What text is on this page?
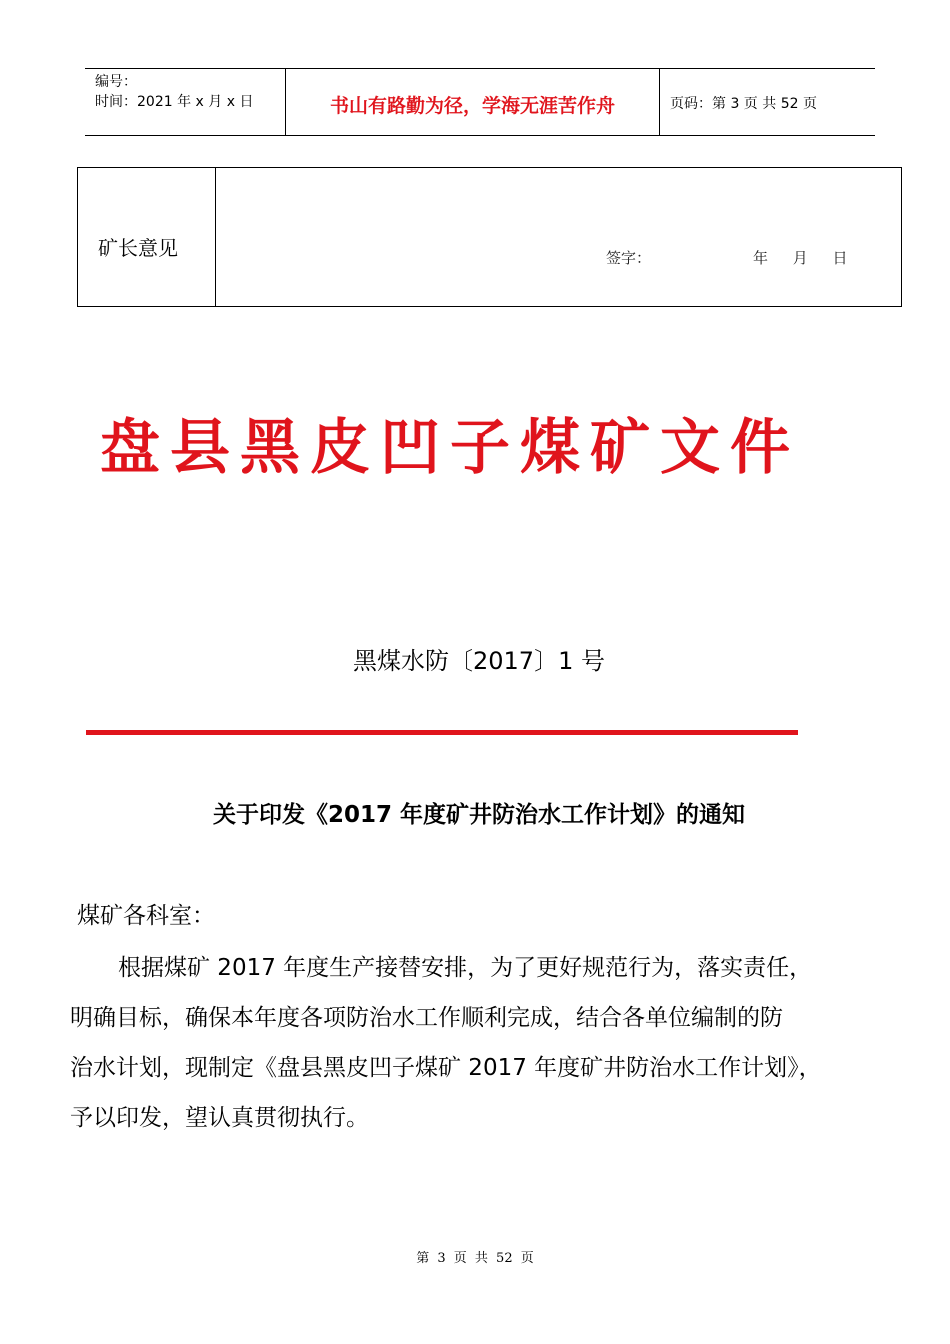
编号：
时间：2021 年 x 月 x 日	书山有路勤为径，学海无涯苦作舟	页码：第 3 页 共 52 页
矿长意见	签字：	年 月 日
盘县黑皮凹子煤矿文件
黑煤水防〔2017〕1 号
关于印发《2017 年度矿井防治水工作计划》的通知
煤矿各科室：
根据煤矿 2017 年度生产接替安排，为了更好规范行为，落实责任，
明确目标，确保本年度各项防治水工作顺利完成，结合各单位编制的防
治水计划，现制定《盘县黑皮凹子煤矿 2017 年度矿井防治水工作计划》，
予以印发，望认真贯彻执行。
第 3 页 共 52 页
